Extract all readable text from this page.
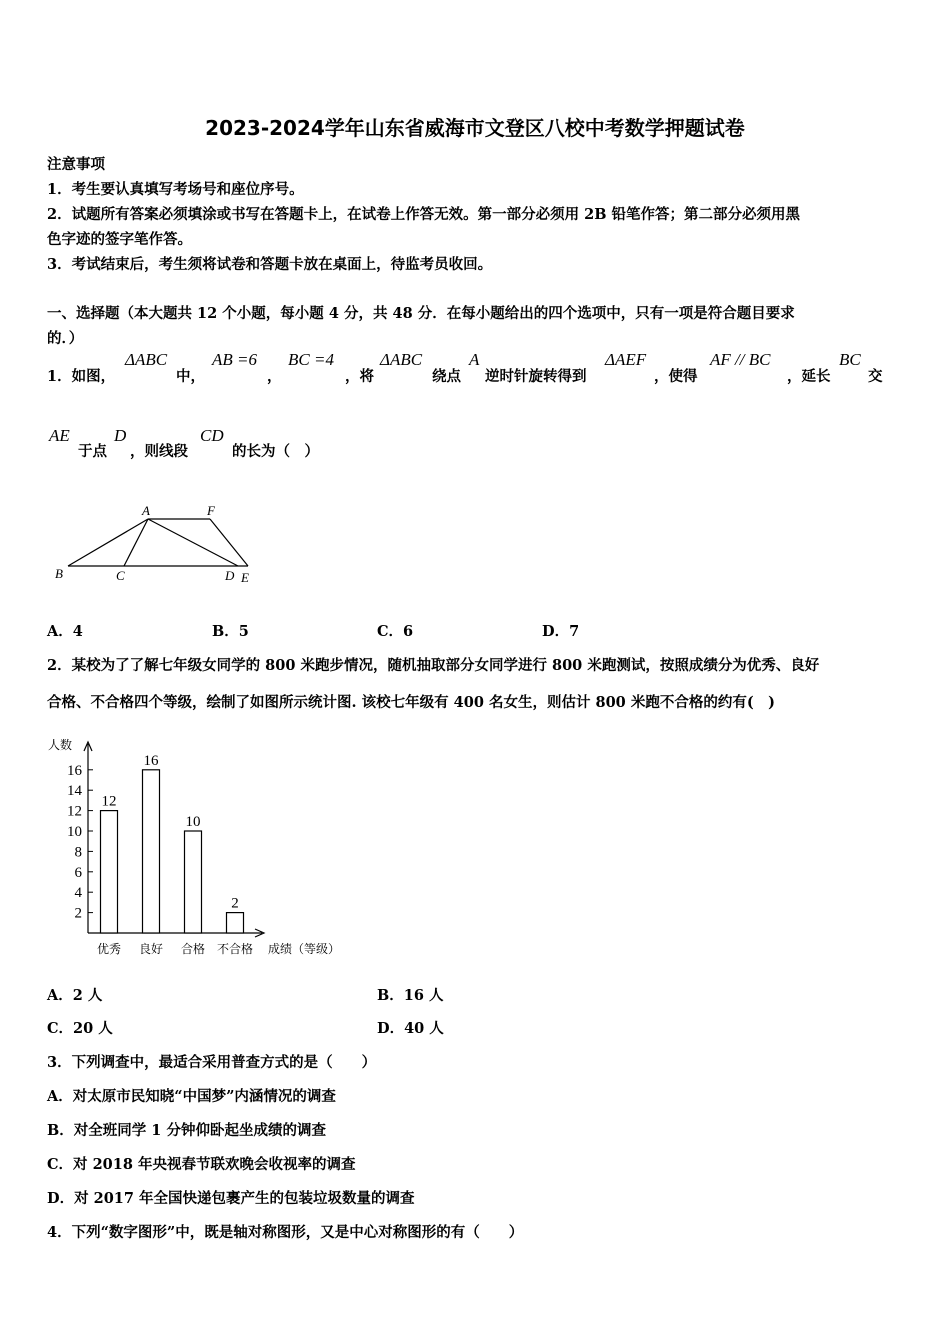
2023-2024学年山东省威海市文登区八校中考数学押题试卷
注意事项
1．考生要认真填写考场号和座位序号。
2．试题所有答案必须填涂或书写在答题卡上，在试卷上作答无效。第一部分必须用 2B 铅笔作答；第二部分必须用黑
色字迹的签字笔作答。
3．考试结束后，考生须将试卷和答题卡放在桌面上，待监考员收回。
一、选择题（本大题共 12 个小题，每小题 4 分，共 48 分．在每小题给出的四个选项中，只有一项是符合题目要求
的．）
1．如图，
ΔABC
中，
AB =6
，
BC =4
，将
ΔABC
绕点
A
逆时针旋转得到
ΔAEF
，使得
AF // BC
，延长
BC
交
AE
于点
D
，则线段
CD
的长为（　）
A	F
B	C	D E
A．4	B．5	C．6	D．7
2．某校为了了解七年级女同学的 800 米跑步情况，随机抽取部分女同学进行 800 米跑测试，按照成绩分为优秀、良好
合格、不合格四个等级，绘制了如图所示统计图. 该校七年级有 400 名女生，则估计 800 米跑不合格的约有(　)
人数
成绩（等级）
2
4
6
8
10
12
14
16
12
优秀
16
良好
10
合格
2
不合格
A．2 人	B．16 人
C．20 人	D．40 人
3．下列调查中，最适合采用普查方式的是（　　）
A．对太原市民知晓“中国梦”内涵情况的调查
B．对全班同学 1 分钟仰卧起坐成绩的调查
C．对 2018 年央视春节联欢晚会收视率的调查
D．对 2017 年全国快递包裹产生的包装垃圾数量的调查
4．下列“数字图形”中，既是轴对称图形，又是中心对称图形的有（　　）
